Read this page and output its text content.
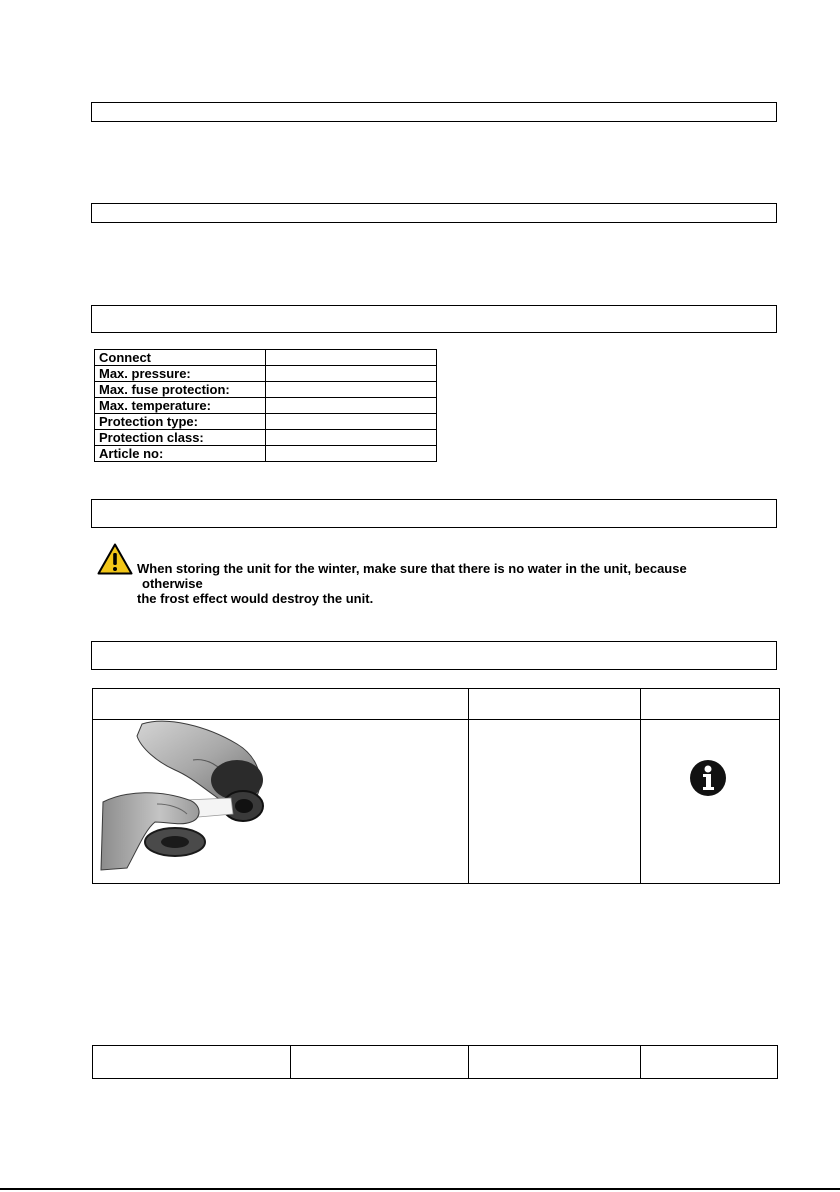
Connect	
Max. pressure:	
Max. fuse protection:	
Max. temperature:	
Protection type:	
Protection class:	
Article no:	
When storing the unit for the winter, make sure that there is no water in the unit, because
otherwise
the frost effect would destroy the unit.
